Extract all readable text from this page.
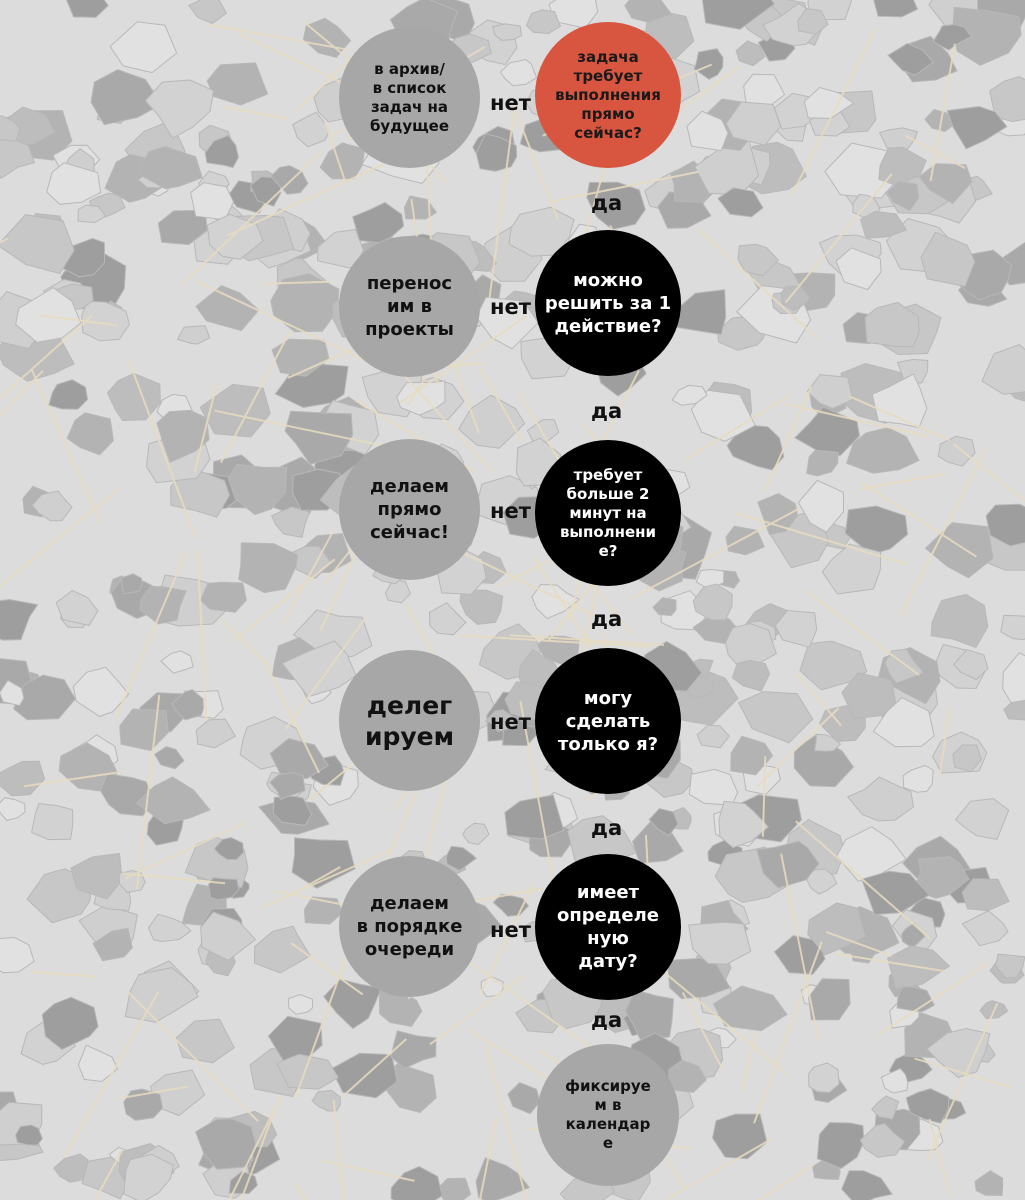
в архив/
в список
задач на
будущее
нет
задача
требует
выполнения
прямо
сейчас?
да
перенос
им в
проекты
нет
можно
решить за 1
действие?
да
делаем
прямо
сейчас!
нет
требует
больше 2
минут на
выполнени
е?
да
делег
ируем нет
могу
сделать
только я?
да
делаем
в порядке
очереди
нет
имеет
определе
ную
дату?
да
фиксируе
м в
календар
е
